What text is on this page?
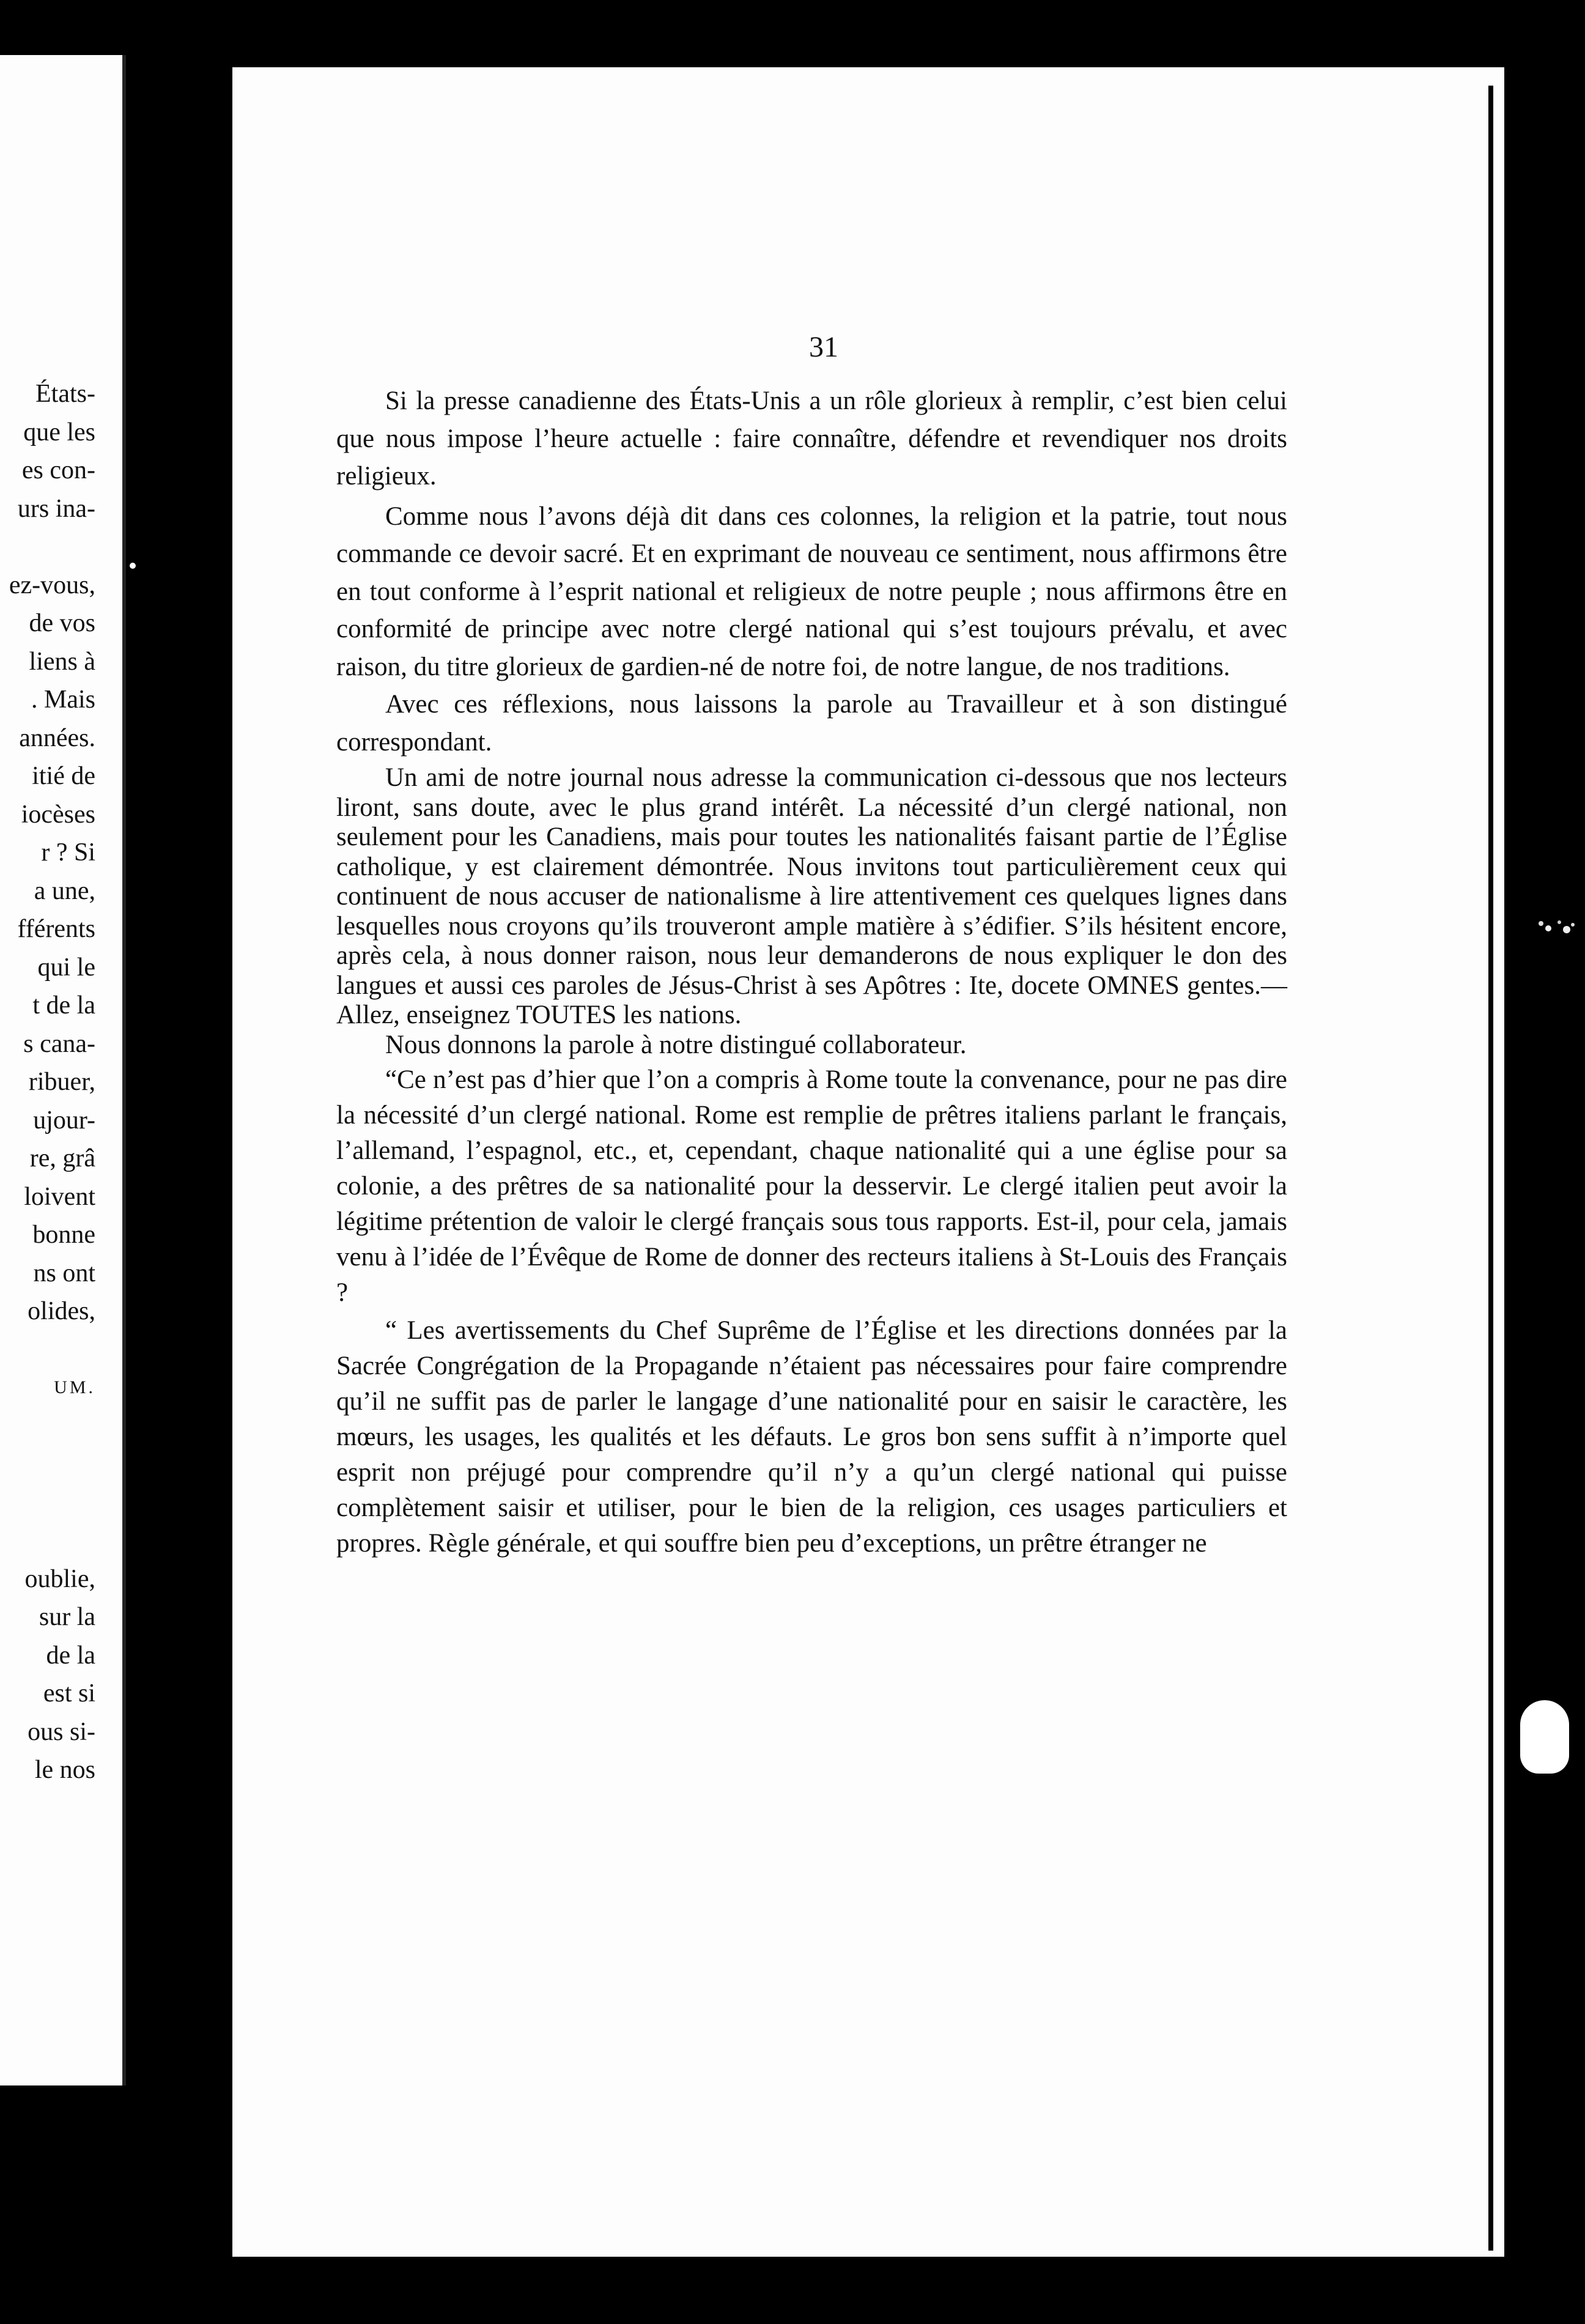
États-
que les
es con-
urs ina-
ez-vous,
de vos
liens à
. Mais
années.
itié de
iocèses
r ? Si
a une,
fférents
qui le
t de la
s cana-
ribuer,
ujour-
re, grâ
loivent
bonne
ns ont
olides,
UM.
oublie,
sur la
de la
est si
ous si-
le nos
31

Si la presse canadienne des États-Unis a un rôle glorieux à remplir, c’est bien celui que nous impose l’heure actuelle : faire connaître, défendre et revendiquer nos droits religieux.

Comme nous l’avons déjà dit dans ces colonnes, la religion et la patrie, tout nous commande ce devoir sacré. Et en exprimant de nouveau ce sentiment, nous affirmons être en tout conforme à l’esprit national et religieux de notre peuple ; nous affirmons être en conformité de principe avec notre clergé national qui s’est toujours prévalu, et avec raison, du titre glorieux de gardien-né de notre foi, de notre langue, de nos traditions.

Avec ces réflexions, nous laissons la parole au Travailleur et à son distingué correspondant.

Un ami de notre journal nous adresse la communication ci-dessous que nos lecteurs liront, sans doute, avec le plus grand intérêt. La nécessité d’un clergé national, non seulement pour les Canadiens, mais pour toutes les nationalités faisant partie de l’Église catholique, y est clairement démontrée. Nous invitons tout particulièrement ceux qui continuent de nous accuser de nationalisme à lire attentivement ces quelques lignes dans lesquelles nous croyons qu’ils trouveront ample matière à s’édifier. S’ils hésitent encore, après cela, à nous donner raison, nous leur demanderons de nous expliquer le don des langues et aussi ces paroles de Jésus-Christ à ses Apôtres : Ite, docete OMNES gentes.—Allez, enseignez TOUTES les nations.

Nous donnons la parole à notre distingué collaborateur.

“Ce n’est pas d’hier que l’on a compris à Rome toute la convenance, pour ne pas dire la nécessité d’un clergé national. Rome est remplie de prêtres italiens parlant le français, l’allemand, l’espagnol, etc., et, cependant, chaque nationalité qui a une église pour sa colonie, a des prêtres de sa nationalité pour la desservir. Le clergé italien peut avoir la légitime prétention de valoir le clergé français sous tous rapports. Est-il, pour cela, jamais venu à l’idée de l’Évêque de Rome de donner des recteurs italiens à St-Louis des Français ?

“ Les avertissements du Chef Suprême de l’Église et les directions données par la Sacrée Congrégation de la Propagande n’étaient pas nécessaires pour faire comprendre qu’il ne suffit pas de parler le langage d’une nationalité pour en saisir le caractère, les mœurs, les usages, les qualités et les défauts. Le gros bon sens suffit à n’importe quel esprit non préjugé pour comprendre qu’il n’y a qu’un clergé national qui puisse complètement saisir et utiliser, pour le bien de la religion, ces usages particuliers et propres. Règle générale, et qui souffre bien peu d’exceptions, un prêtre étranger ne
